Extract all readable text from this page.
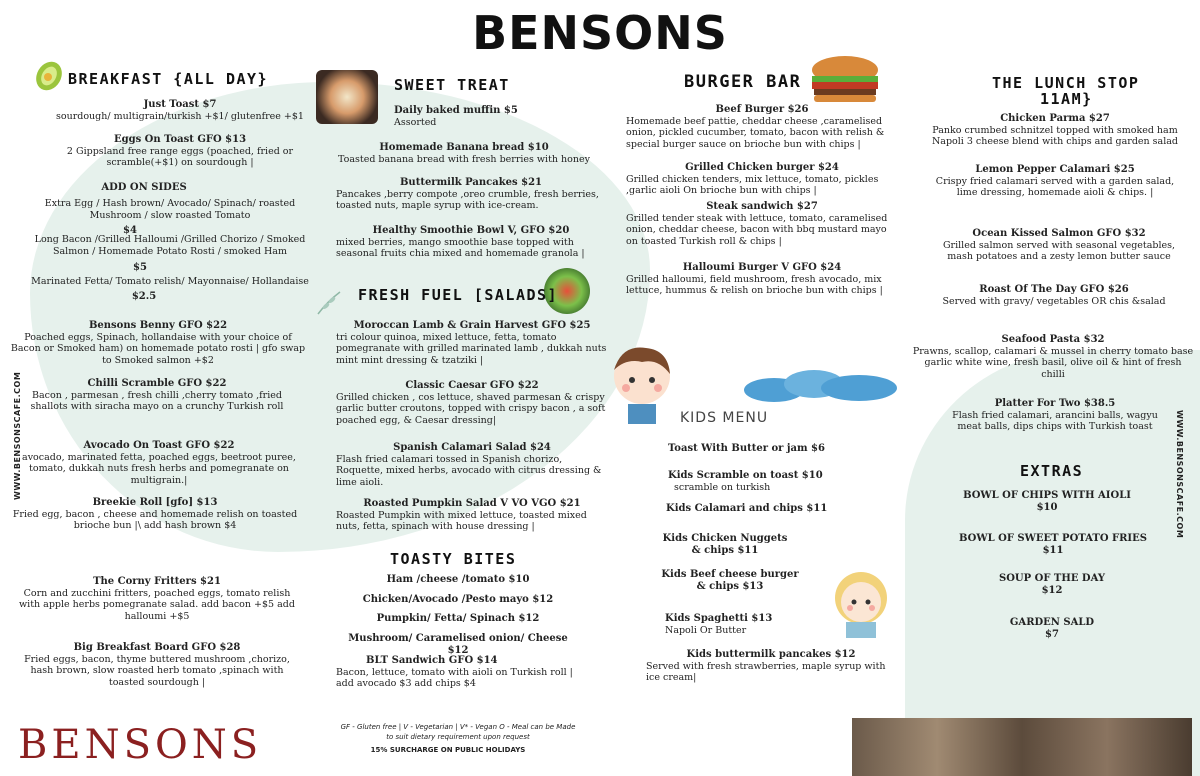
BENSONS
WWW.BENSONSCAFE.COM	WWW.BENSONSCAFE.COM
BENSONS
BREAKFAST {ALL DAY}	SWEET TREAT
FRESH FUEL [SALADS]
TOASTY BITES
BURGER BAR	THE LUNCH STOP
11AM}
EXTRAS
KIDS MENU
Just Toast $7
sourdough/ multigrain/turkish +$1/ glutenfree +$1
Eggs On Toast GFO $13
2 Gippsland free range eggs (poached, fried or scramble(+$1) on sourdough |
ADD ON SIDES
Extra Egg / Hash brown/ Avocado/ Spinach/ roasted Mushroom / slow roasted Tomato
$4
Long Bacon /Grilled Halloumi /Grilled Chorizo / Smoked Salmon / Homemade Potato Rosti / smoked Ham
$5
Marinated Fetta/ Tomato relish/ Mayonnaise/ Hollandaise
$2.5
Bensons Benny GFO $22
Poached eggs, Spinach, hollandaise with your choice of Bacon or Smoked ham) on homemade potato rosti | gfo swap to Smoked salmon +$2
Chilli Scramble GFO $22
Bacon , parmesan , fresh chilli ,cherry tomato ,fried shallots with siracha mayo on a crunchy Turkish roll
Avocado On Toast GFO $22
avocado, marinated fetta, poached eggs, beetroot puree, tomato, dukkah nuts fresh herbs and pomegranate on multigrain.|
Breekie Roll [gfo] $13
Fried egg, bacon , cheese and homemade relish on toasted brioche bun |\ add hash brown $4
The Corny Fritters $21
Corn and zucchini fritters, poached eggs, tomato relish with apple herbs pomegranate salad. add bacon +$5 add halloumi +$5
Big Breakfast Board GFO $28
Fried eggs, bacon, thyme buttered mushroom ,chorizo, hash brown, slow roasted herb tomato ,spinach with toasted sourdough |
Daily baked muffin $5
Assorted
Homemade Banana bread $10
Toasted banana bread with fresh berries with honey
Buttermilk Pancakes $21
Pancakes ,berry compote ,oreo crumble, fresh berries, toasted nuts, maple syrup with ice-cream.
Healthy Smoothie Bowl V, GFO $20
mixed berries, mango smoothie base topped with seasonal fruits chia mixed and homemade granola |
Moroccan Lamb & Grain Harvest GFO $25
tri colour quinoa, mixed lettuce, fetta, tomato pomegranate with grilled marinated lamb , dukkah nuts mint mint dressing & tzatziki |
Classic Caesar GFO $22
Grilled chicken , cos lettuce, shaved parmesan & crispy garlic butter croutons, topped with crispy bacon , a soft poached egg, & Caesar dressing|
Spanish Calamari Salad $24
Flash fried calamari tossed in Spanish chorizo, Roquette, mixed herbs, avocado with citrus dressing & lime aioli.
Roasted Pumpkin Salad V VO VGO $21
Roasted Pumpkin with mixed lettuce, toasted mixed nuts, fetta, spinach with house dressing |
Ham /cheese /tomato $10
Chicken/Avocado /Pesto mayo $12
Pumpkin/ Fetta/ Spinach $12
Mushroom/ Caramelised onion/ Cheese $12
BLT Sandwich GFO $14
Bacon, lettuce, tomato with aioli on Turkish roll | add avocado $3 add chips $4
Beef Burger $26
Homemade beef pattie, cheddar cheese ,caramelised onion, pickled cucumber, tomato, bacon with relish & special burger sauce on brioche bun with chips |
Grilled Chicken burger $24
Grilled chicken tenders, mix lettuce, tomato, pickles ,garlic aioli On brioche bun with chips |
Steak sandwich $27
Grilled tender steak with lettuce, tomato, caramelised onion, cheddar cheese, bacon with bbq mustard mayo on toasted Turkish roll & chips |
Halloumi Burger V GFO $24
Grilled halloumi, field mushroom, fresh avocado, mix lettuce, hummus & relish on brioche bun with chips |
Toast With Butter or jam $6
Kids Scramble on toast $10
scramble on turkish
Kids Calamari and chips $11
Kids Chicken Nuggets & chips $11
Kids Beef cheese burger & chips $13
Kids Spaghetti $13
Napoli Or Butter
Kids buttermilk pancakes $12
Served with fresh strawberries, maple syrup with ice cream|
Chicken Parma $27
Panko crumbed schnitzel topped with smoked ham Napoli 3 cheese blend with chips and garden salad
Lemon Pepper Calamari $25
Crispy fried calamari served with a garden salad, lime dressing, homemade aioli & chips. |
Ocean Kissed Salmon GFO $32
Grilled salmon served with seasonal vegetables, mash potatoes and a zesty lemon butter sauce
Roast Of The Day GFO $26
Served with gravy/ vegetables OR chis &salad
Seafood Pasta $32
Prawns, scallop, calamari & mussel in cherry tomato base garlic white wine, fresh basil, olive oil & hint of fresh chilli
Platter For Two $38.5
Flash fried calamari, arancini balls, wagyu meat balls, dips chips with Turkish toast
BOWL OF CHIPS WITH AIOLI
$10
BOWL OF SWEET POTATO FRIES
$11
SOUP OF THE DAY
$12
GARDEN SALD
$7
GF - Gluten free | V - Vegetarian | V* - Vegan O - Meal can be Made to suit dietary requirement upon request
15% SURCHARGE ON PUBLIC HOLIDAYS
